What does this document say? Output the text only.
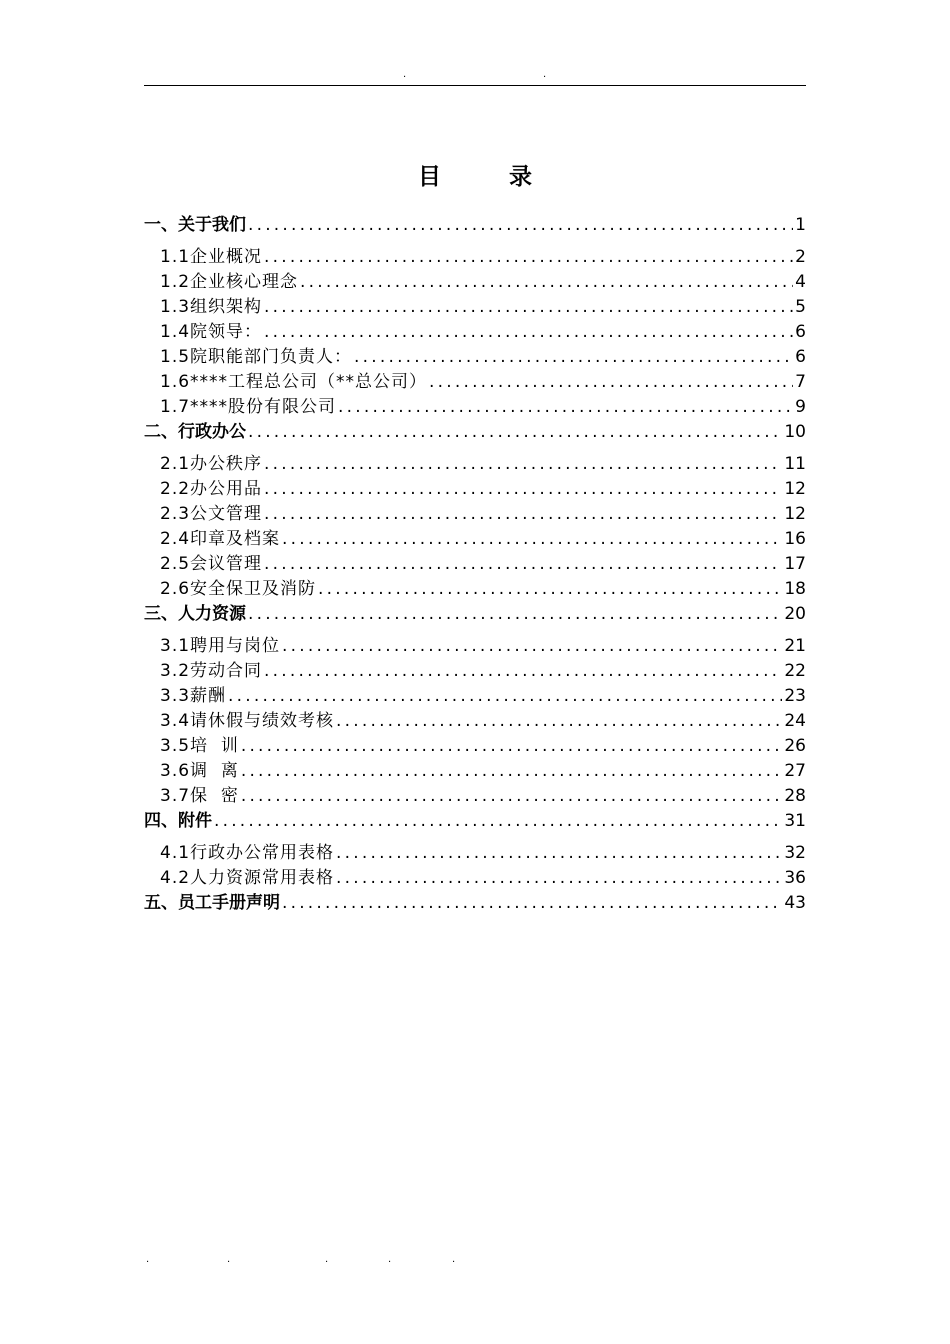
.	.
目 录
一、关于我们 .....	1
1.1企业概况 .....	2
1.2企业核心理念 .....	4
1.3组织架构 .....	5
1.4院领导： .....	6
1.5院职能部门负责人： .....	6
1.6****工程总公司（**总公司） .....	7
1.7****股份有限公司 .....	9
二、行政办公 .....	10
2.1办公秩序 .....	11
2.2办公用品 .....	12
2.3公文管理 .....	12
2.4印章及档案 .....	16
2.5会议管理 .....	17
2.6安全保卫及消防 .....	18
三、人力资源 .....	20
3.1聘用与岗位 .....	21
3.2劳动合同 .....	22
3.3薪酬 .....	23
3.4请休假与绩效考核 .....	24
3.5培  训 .....	26
3.6调  离 .....	27
3.7保  密 .....	28
四、附件 .....	31
4.1行政办公常用表格 .....	32
4.2人力资源常用表格 .....	36
五、员工手册声明 .....	43
.	.	.	.	.
